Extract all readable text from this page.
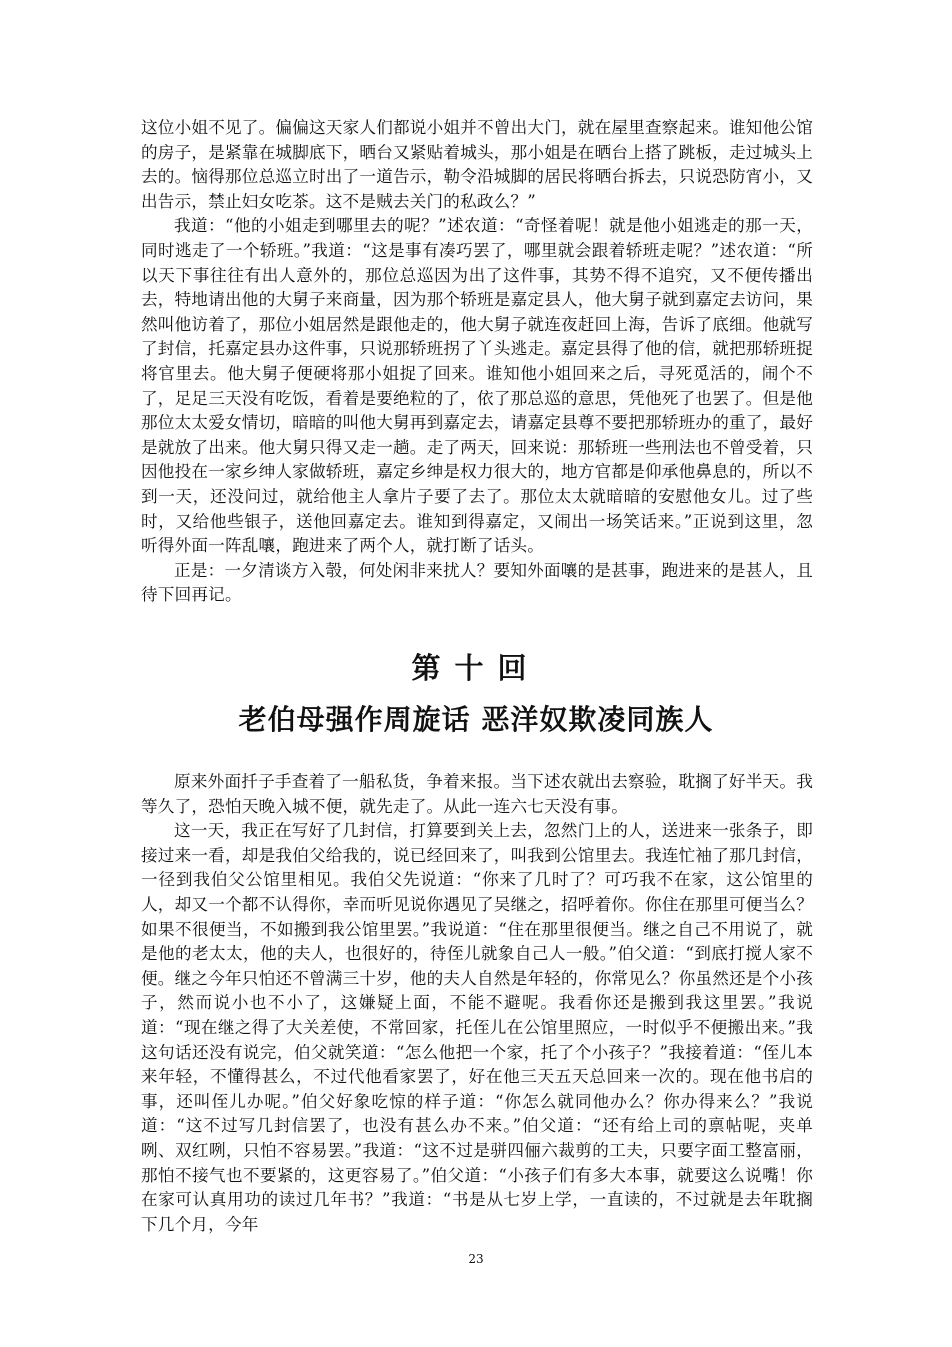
这位小姐不见了。偏偏这天家人们都说小姐并不曾出大门，就在屋里查察起来。谁知他公馆的房子，是紧靠在城脚底下，晒台又紧贴着城头，那小姐是在晒台上搭了跳板，走过城头上去的。恼得那位总巡立时出了一道告示，勒令沿城脚的居民将晒台拆去，只说恐防宵小，又出告示，禁止妇女吃茶。这不是贼去关门的私政么？”

我道：“他的小姐走到哪里去的呢？”述农道：“奇怪着呢！就是他小姐逃走的那一天，同时逃走了一个轿班。”我道：“这是事有凑巧罢了，哪里就会跟着轿班走呢？”述农道：“所以天下事往往有出人意外的，那位总巡因为出了这件事，其势不得不追究，又不便传播出去，特地请出他的大舅子来商量，因为那个轿班是嘉定县人，他大舅子就到嘉定去访问，果然叫他访着了，那位小姐居然是跟他走的，他大舅子就连夜赶回上海，告诉了底细。他就写了封信，托嘉定县办这件事，只说那轿班拐了丫头逃走。嘉定县得了他的信，就把那轿班捉将官里去。他大舅子便硬将那小姐捉了回来。谁知他小姐回来之后，寻死觅活的，闹个不了，足足三天没有吃饭，看着是要绝粒的了，依了那总巡的意思，凭他死了也罢了。但是他那位太太爱女情切，暗暗的叫他大舅再到嘉定去，请嘉定县尊不要把那轿班办的重了，最好是就放了出来。他大舅只得又走一趟。走了两天，回来说：那轿班一些刑法也不曾受着，只因他投在一家乡绅人家做轿班，嘉定乡绅是权力很大的，地方官都是仰承他鼻息的，所以不到一天，还没问过，就给他主人拿片子要了去了。那位太太就暗暗的安慰他女儿。过了些时，又给他些银子，送他回嘉定去。谁知到得嘉定，又闹出一场笑话来。”正说到这里，忽听得外面一阵乱嚷，跑进来了两个人，就打断了话头。

正是：一夕清谈方入彀，何处闲非来扰人？要知外面嚷的是甚事，跑进来的是甚人，且待下回再记。

第十回
老伯母强作周旋话 恶洋奴欺凌同族人

原来外面扦子手查着了一船私货，争着来报。当下述农就出去察验，耽搁了好半天。我等久了，恐怕天晚入城不便，就先走了。从此一连六七天没有事。

这一天，我正在写好了几封信，打算要到关上去，忽然门上的人，送进来一张条子，即接过来一看，却是我伯父给我的，说已经回来了，叫我到公馆里去。我连忙袖了那几封信，一径到我伯父公馆里相见。我伯父先说道：“你来了几时了？可巧我不在家，这公馆里的人，却又一个都不认得你，幸而听见说你遇见了吴继之，招呼着你。你住在那里可便当么？如果不很便当，不如搬到我公馆里罢。”我说道：“住在那里很便当。继之自己不用说了，就是他的老太太，他的夫人，也很好的，待侄儿就象自己人一般。”伯父道：“到底打搅人家不便。继之今年只怕还不曾满三十岁，他的夫人自然是年轻的，你常见么？你虽然还是个小孩子，然而说小也不小了，这嫌疑上面，不能不避呢。我看你还是搬到我这里罢。”我说道：“现在继之得了大关差使，不常回家，托侄儿在公馆里照应，一时似乎不便搬出来。”我这句话还没有说完，伯父就笑道：“怎么他把一个家，托了个小孩子？”我接着道：“侄儿本来年轻，不懂得甚么，不过代他看家罢了，好在他三天五天总回来一次的。现在他书启的事，还叫侄儿办呢。”伯父好象吃惊的样子道：“你怎么就同他办么？你办得来么？”我说道：“这不过写几封信罢了，也没有甚么办不来。”伯父道：“还有给上司的禀帖呢，夹单咧、双红咧，只怕不容易罢。”我道：“这不过是骈四俪六裁剪的工夫，只要字面工整富丽，那怕不接气也不要紧的，这更容易了。”伯父道：“小孩子们有多大本事，就要这么说嘴！你在家可认真用功的读过几年书？”我道：“书是从七岁上学，一直读的，不过就是去年耽搁下几个月，今年

23
